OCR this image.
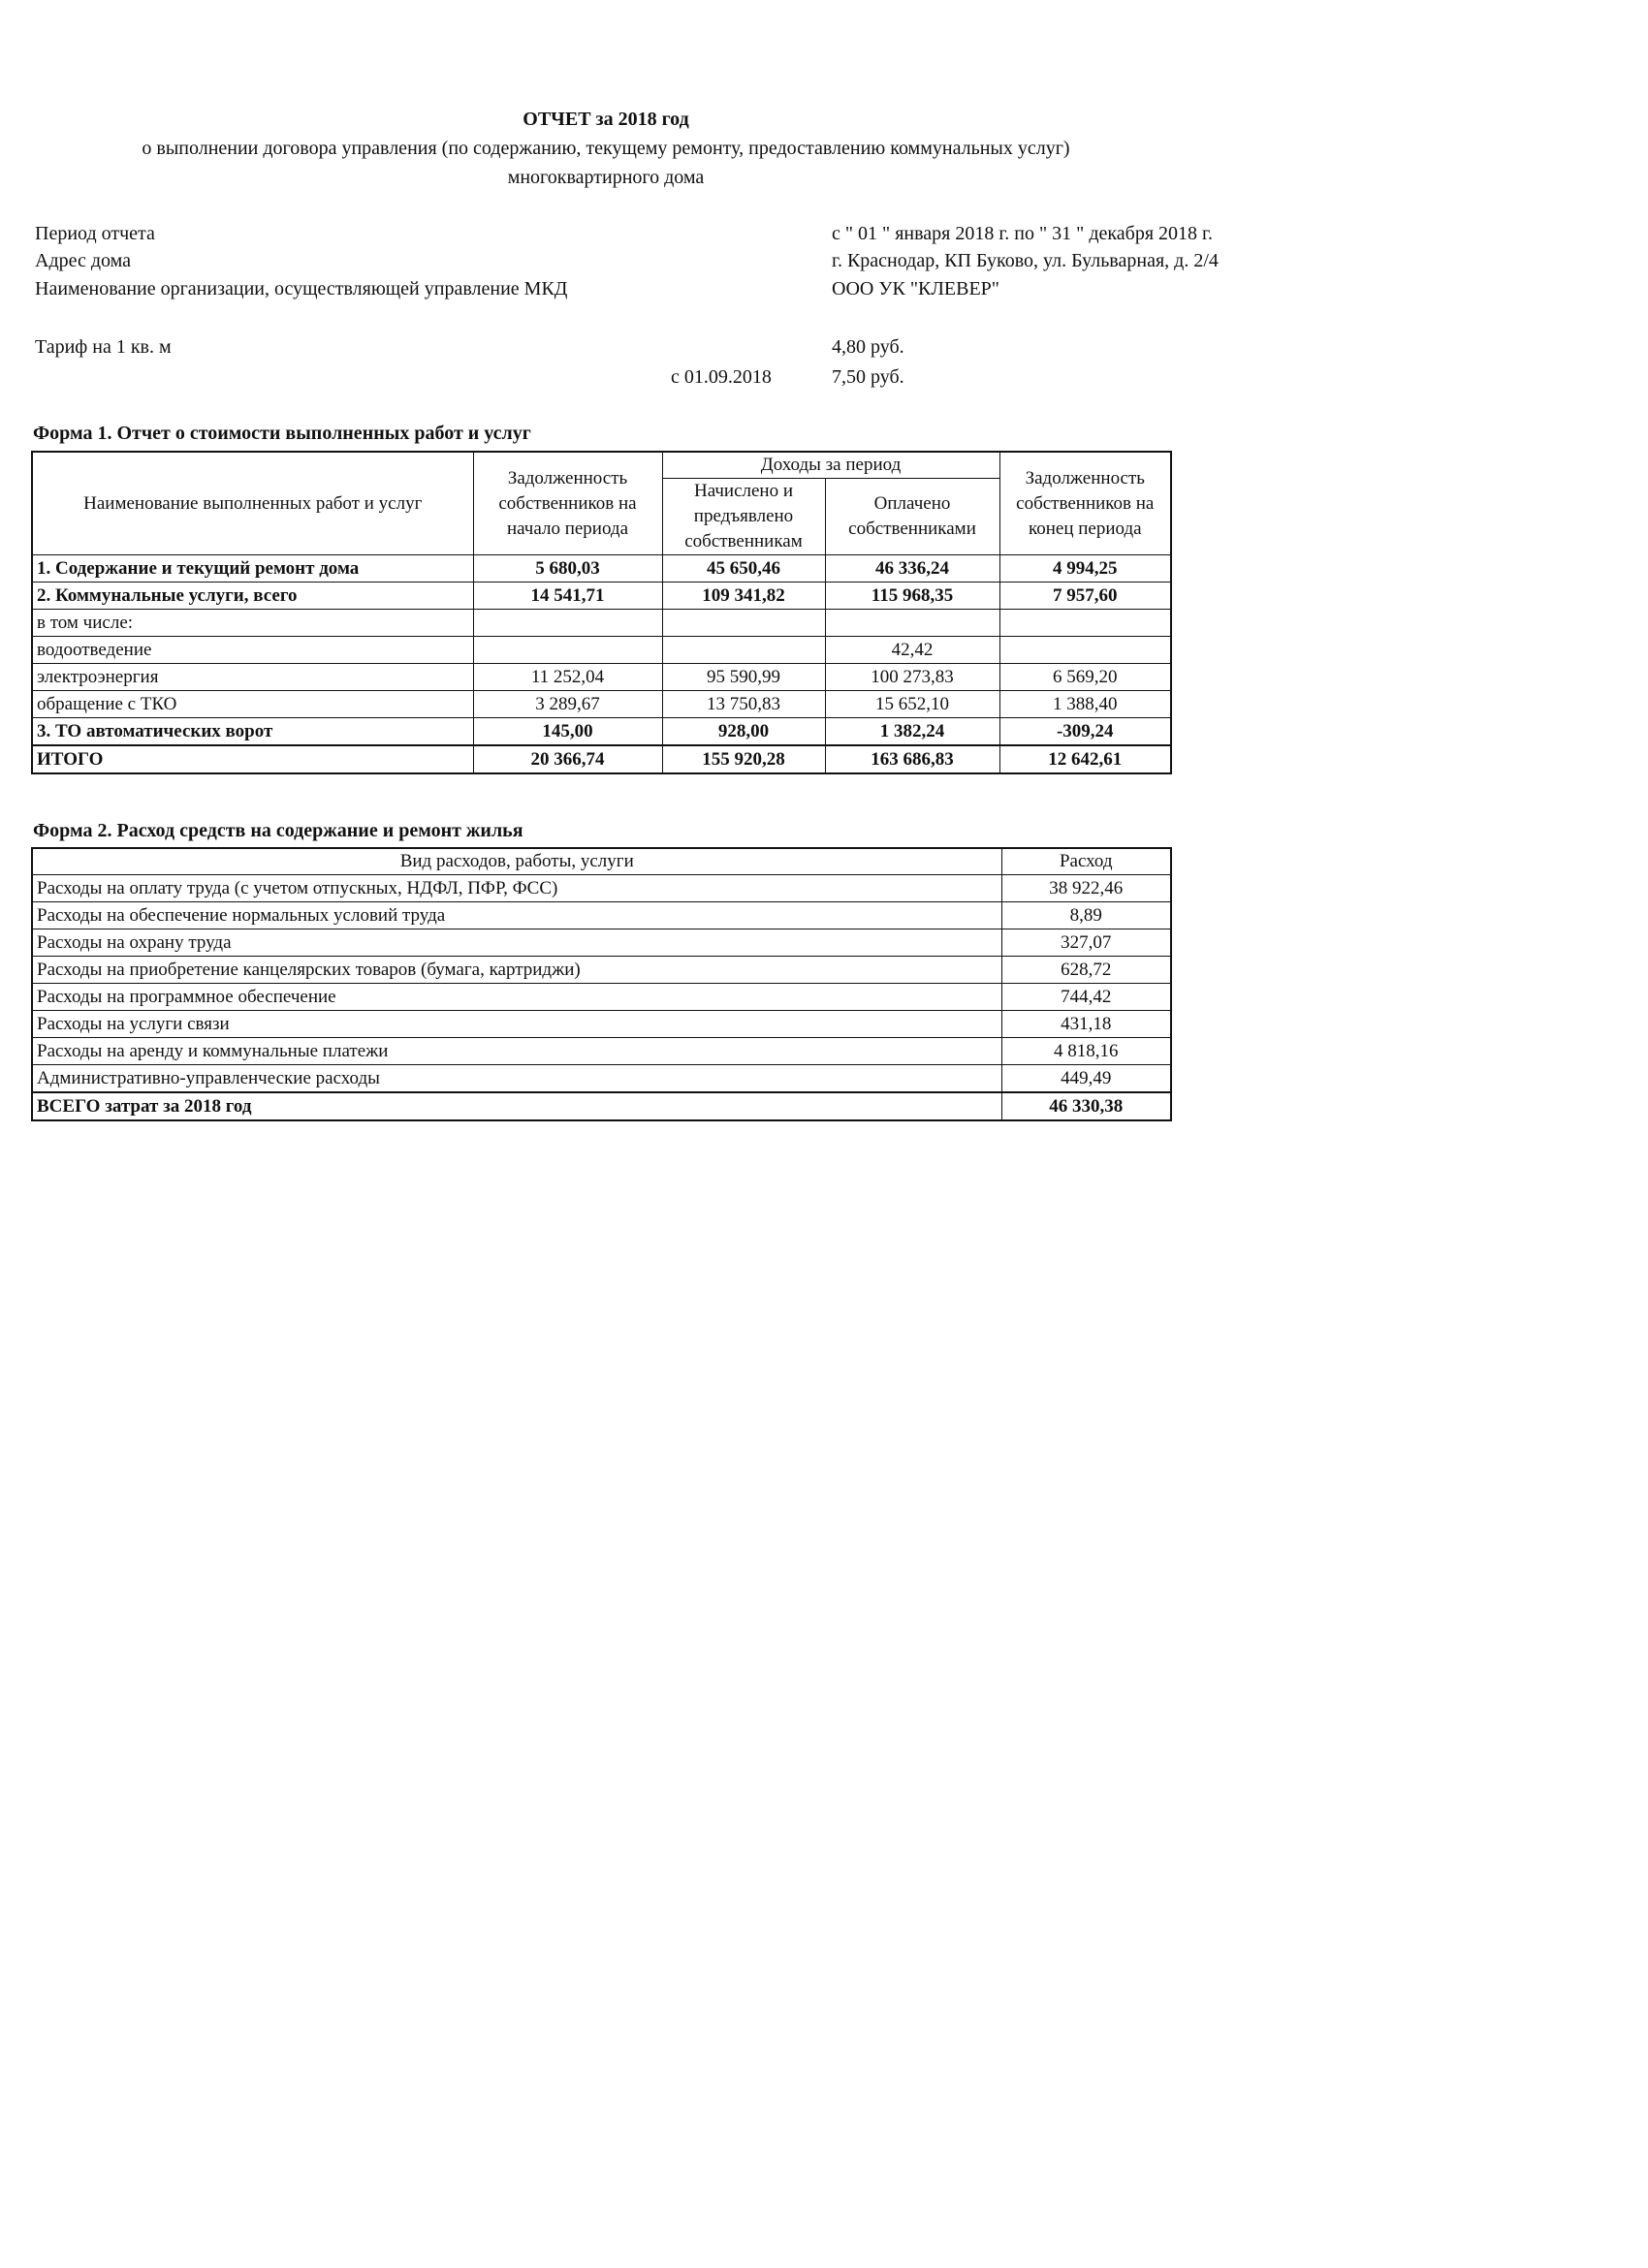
ОТЧЕТ за 2018 год
о выполнении договора управления (по содержанию, текущему ремонту, предоставлению коммунальных услуг)
многоквартирного дома
Период отчета	с " 01 " января 2018 г. по " 31 " декабря 2018 г.
Адрес дома	г. Краснодар, КП Буково, ул. Бульварная, д. 2/4
Наименование организации, осуществляющей управление МКД	ООО УК "КЛЕВЕР"
Тариф на 1 кв. м	4,80 руб.
с 01.09.2018	7,50 руб.
Форма 1. Отчет о стоимости выполненных работ и услуг
Наименование выполненных работ и услуг	Задолженность собственников на начало периода	Доходы за период		Задолженность собственников на конец периода
		Начислено и предъявлено собственникам	Оплачено собственниками	
1. Содержание и текущий ремонт дома	5 680,03	45 650,46	46 336,24	4 994,25
2. Коммунальные услуги, всего	14 541,71	109 341,82	115 968,35	7 957,60
в том числе:				
водоотведение			42,42	
электроэнергия	11 252,04	95 590,99	100 273,83	6 569,20
обращение с ТКО	3 289,67	13 750,83	15 652,10	1 388,40
3. ТО автоматических ворот	145,00	928,00	1 382,24	-309,24
ИТОГО	20 366,74	155 920,28	163 686,83	12 642,61
Форма 2. Расход средств на содержание и ремонт жилья
Вид расходов, работы, услуги	Расход
Расходы на оплату труда (с учетом отпускных, НДФЛ, ПФР, ФСС)	38 922,46
Расходы на обеспечение нормальных условий труда	8,89
Расходы на охрану труда	327,07
Расходы на приобретение канцелярских товаров (бумага, картриджи)	628,72
Расходы на программное обеспечение	744,42
Расходы на услуги связи	431,18
Расходы на аренду и коммунальные платежи	4 818,16
Административно-управленческие расходы	449,49
ВСЕГО затрат за 2018 год	46 330,38
